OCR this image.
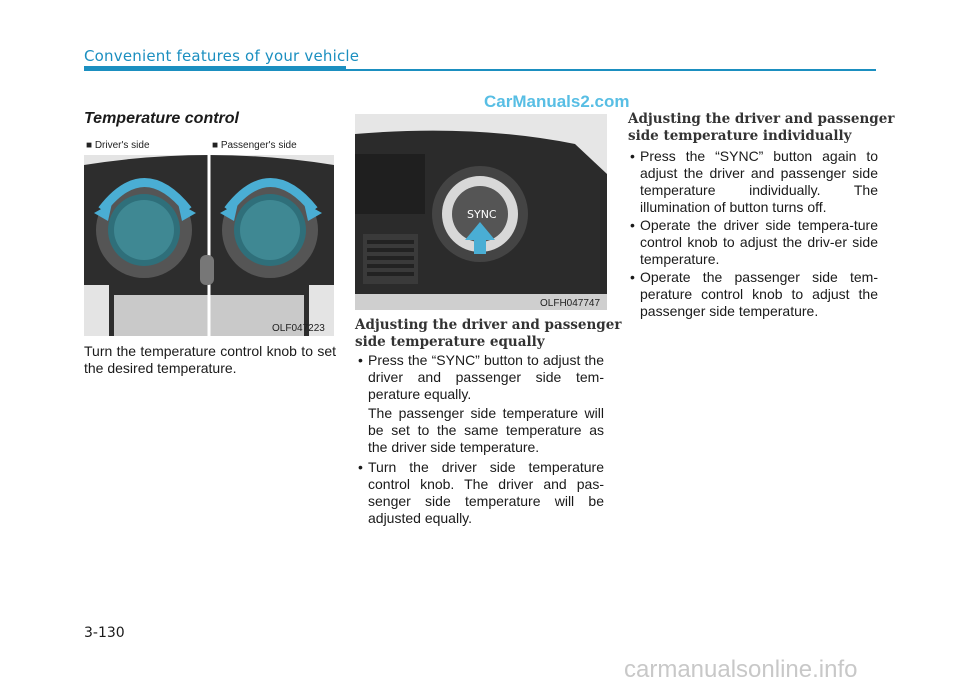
Convenient features of your vehicle
CarManuals2.com
Temperature control
■ Driver's side	■ Passenger's side
OLF047223
Turn the temperature control knob to set the desired temperature.
SYNC
OLFH047747
Adjusting the driver and passenger
side temperature equally
• Press the “SYNC” button to adjust the driver and passenger side tem-perature equally.
The passenger side temperature will be set to the same temperature as the driver side temperature.
• Turn the driver side temperature control knob. The driver and pas-senger side temperature will be adjusted equally.
Adjusting the driver and passenger
side temperature individually
• Press the “SYNC” button again to adjust the driver and passenger side temperature individually. The illumination of button turns off.
• Operate the driver side tempera-ture control knob to adjust the driv-er side temperature.
• Operate the passenger side tem-perature control knob to adjust the passenger side temperature.
3-130
carmanualsonline.info
